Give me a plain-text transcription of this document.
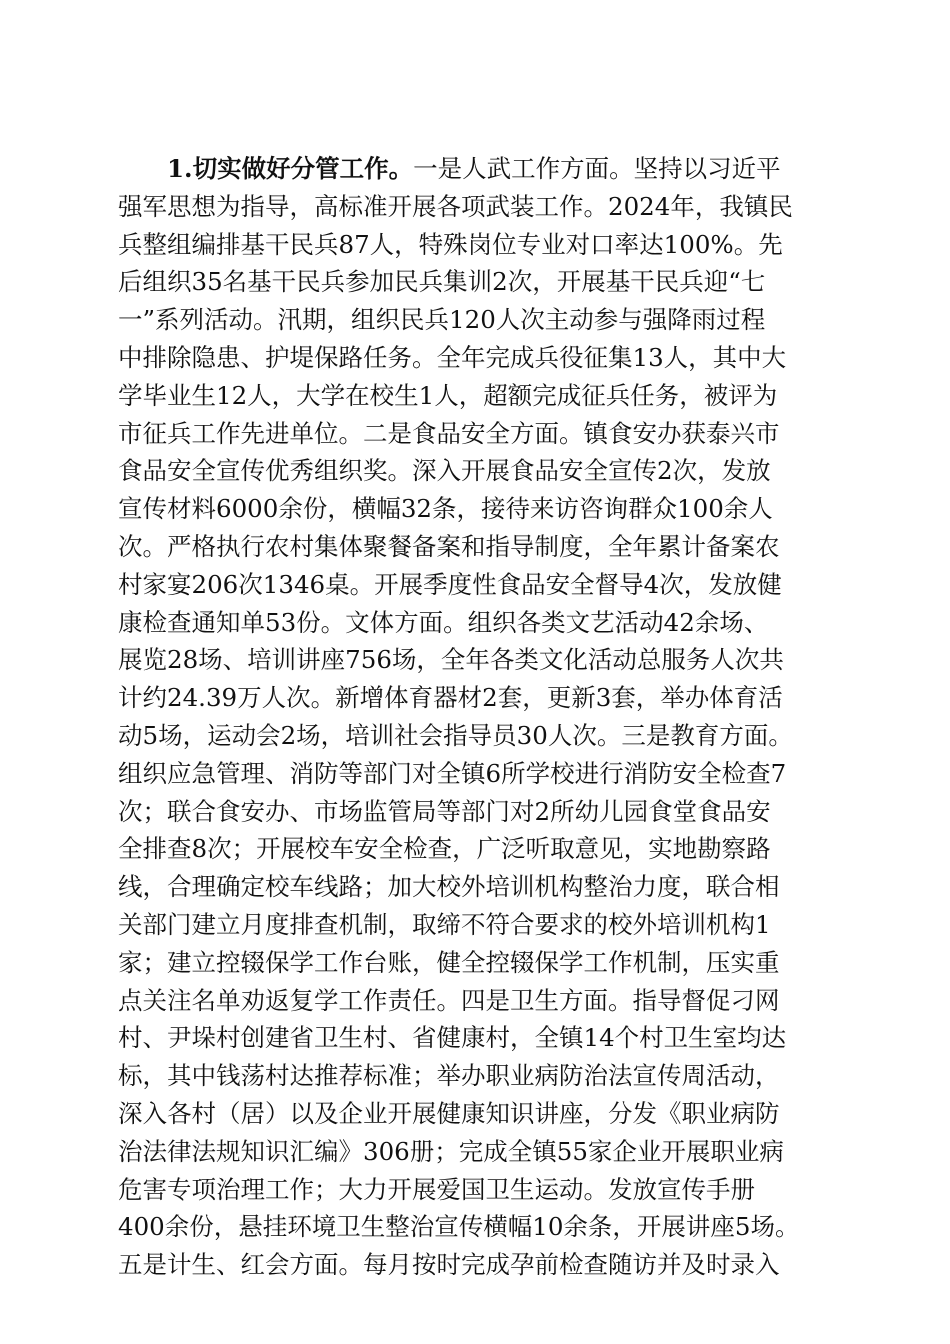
1.切实做好分管工作。一是人武工作方面。坚持以习近平
强军思想为指导，高标准开展各项武装工作。2024年，我镇民
兵整组编排基干民兵87人，特殊岗位专业对口率达100%。先
后组织35名基干民兵参加民兵集训2次，开展基干民兵迎“七
一”系列活动。汛期，组织民兵120人次主动参与强降雨过程
中排除隐患、护堤保路任务。全年完成兵役征集13人，其中大
学毕业生12人，大学在校生1人，超额完成征兵任务，被评为
市征兵工作先进单位。二是食品安全方面。镇食安办获泰兴市
食品安全宣传优秀组织奖。深入开展食品安全宣传2次，发放
宣传材料6000余份，横幅32条，接待来访咨询群众100余人
次。严格执行农村集体聚餐备案和指导制度，全年累计备案农
村家宴206次1346桌。开展季度性食品安全督导4次，发放健
康检查通知单53份。文体方面。组织各类文艺活动42余场、
展览28场、培训讲座756场，全年各类文化活动总服务人次共
计约24.39万人次。新增体育器材2套，更新3套，举办体育活
动5场，运动会2场，培训社会指导员30人次。三是教育方面。
组织应急管理、消防等部门对全镇6所学校进行消防安全检查7
次；联合食安办、市场监管局等部门对2所幼儿园食堂食品安
全排查8次；开展校车安全检查，广泛听取意见，实地勘察路
线，合理确定校车线路；加大校外培训机构整治力度，联合相
关部门建立月度排查机制，取缔不符合要求的校外培训机构1
家；建立控辍保学工作台账，健全控辍保学工作机制，压实重
点关注名单劝返复学工作责任。四是卫生方面。指导督促刁网
村、尹垛村创建省卫生村、省健康村，全镇14个村卫生室均达
标，其中钱荡村达推荐标准；举办职业病防治法宣传周活动，
深入各村（居）以及企业开展健康知识讲座，分发《职业病防
治法律法规知识汇编》306册；完成全镇55家企业开展职业病
危害专项治理工作；大力开展爱国卫生运动。发放宣传手册
400余份，悬挂环境卫生整治宣传横幅10余条，开展讲座5场。
五是计生、红会方面。每月按时完成孕前检查随访并及时录入
